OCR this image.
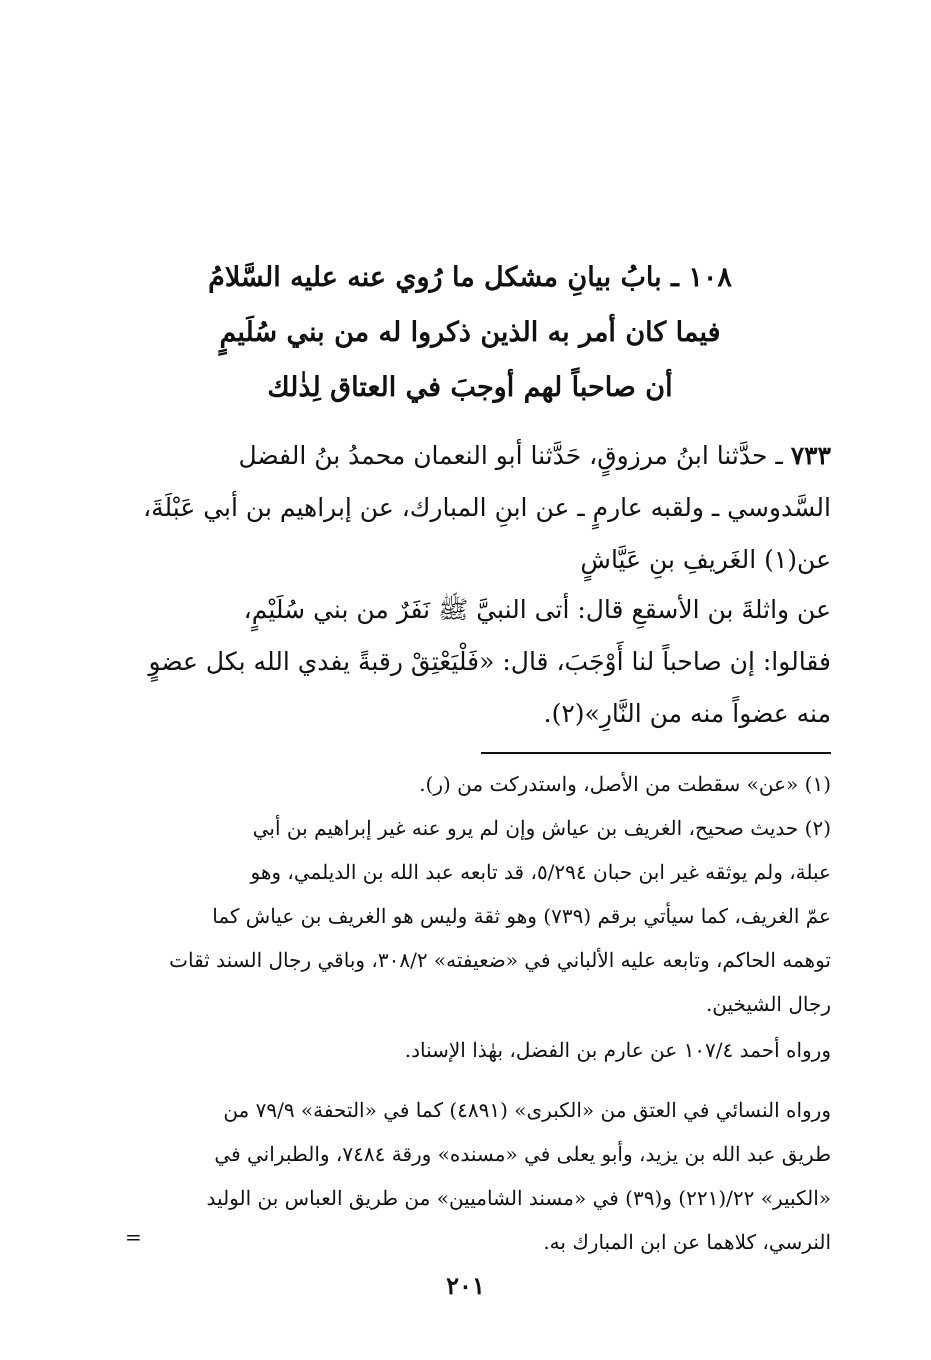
١٠٨ ـ بابُ بيانِ مشكل ما رُوي عنه عليه السَّلامُ
فيما كان أمر به الذين ذكروا له من بني سُلَيمٍ
أن صاحباً لهم أوجبَ في العتاق لِذٰلك
٧٣٣ ـ حدَّثنا ابنُ مرزوقٍ، حَدَّثنا أبو النعمان محمدُ بنُ الفضل
السَّدوسي ـ ولقبه عارمٍ ـ عن ابنِ المبارك، عن إبراهيم بن أبي عَبْلَةَ،
عن(١) الغَريفِ بنِ عَيَّاشٍ
عن واثلةَ بن الأسقعِ قال: أتى النبيَّ ﷺ نَفَرٌ من بني سُلَيْمٍ،
فقالوا: إن صاحباً لنا أَوْجَبَ، قال: «فَلْيَعْتِقْ رقبةً يفدي الله بكل عضوٍ
منه عضواً منه من النَّارِ»(٢).
(١) «عن» سقطت من الأصل، واستدركت من (ر).
(٢) حديث صحيح، الغريف بن عياش وإن لم يرو عنه غير إبراهيم بن أبي
عبلة، ولم يوثقه غير ابن حبان ٥/٢٩٤، قد تابعه عبد الله بن الديلمي، وهو
عمّ الغريف، كما سيأتي برقم (٧٣٩) وهو ثقة وليس هو الغريف بن عياش كما
توهمه الحاكم، وتابعه عليه الألباني في «ضعيفته» ٣٠٨/٢، وباقي رجال السند ثقات
رجال الشيخين.
ورواه أحمد ١٠٧/٤ عن عارم بن الفضل، بهٰذا الإسناد.
ورواه النسائي في العتق من «الكبرى» (٤٨٩١) كما في «التحفة» ٧٩/٩ من
طريق عبد الله بن يزيد، وأبو يعلى في «مسنده» ورقة ٧٤٨٤، والطبراني في
«الكبير» ٢٢/(٢٢١) و(٣٩) في «مسند الشاميين» من طريق العباس بن الوليد
النرسي، كلاهما عن ابن المبارك به.
=
٢٠١
